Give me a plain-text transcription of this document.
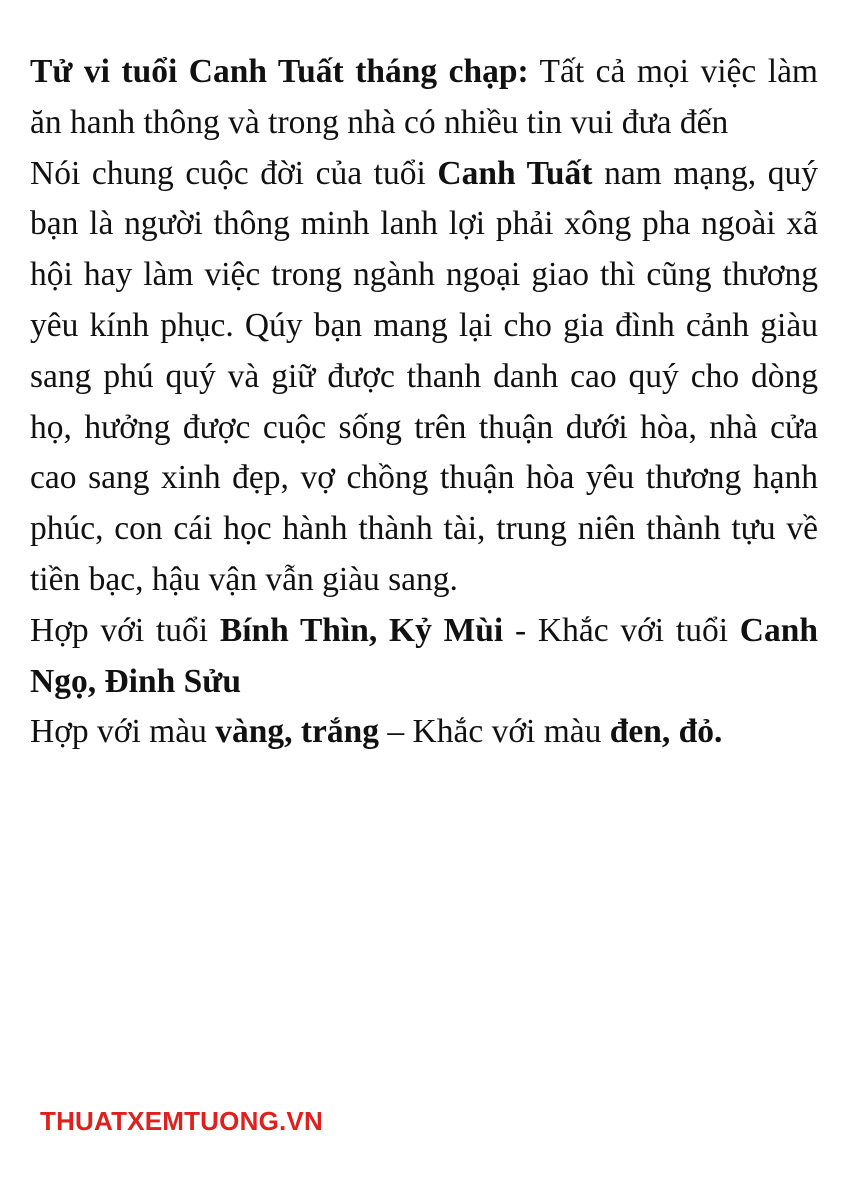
Tử vi tuổi Canh Tuất tháng chạp: Tất cả mọi việc làm ăn hanh thông và trong nhà có nhiều tin vui đưa đến

Nói chung cuộc đời của tuổi Canh Tuất nam mạng, quý bạn là người thông minh lanh lợi phải xông pha ngoài xã hội hay làm việc trong ngành ngoại giao thì cũng thương yêu kính phục. Qúy bạn mang lại cho gia đình cảnh giàu sang phú quý và giữ được thanh danh cao quý cho dòng họ, hưởng được cuộc sống trên thuận dưới hòa, nhà cửa cao sang xinh đẹp, vợ chồng thuận hòa yêu thương hạnh phúc, con cái học hành thành tài, trung niên thành tựu về tiền bạc, hậu vận vẫn giàu sang.

Hợp với tuổi Bính Thìn, Kỷ Mùi - Khắc với tuổi Canh Ngọ, Đinh Sửu

Hợp với màu vàng, trắng – Khắc với màu đen, đỏ.

THUATXEMTUONG.VN
